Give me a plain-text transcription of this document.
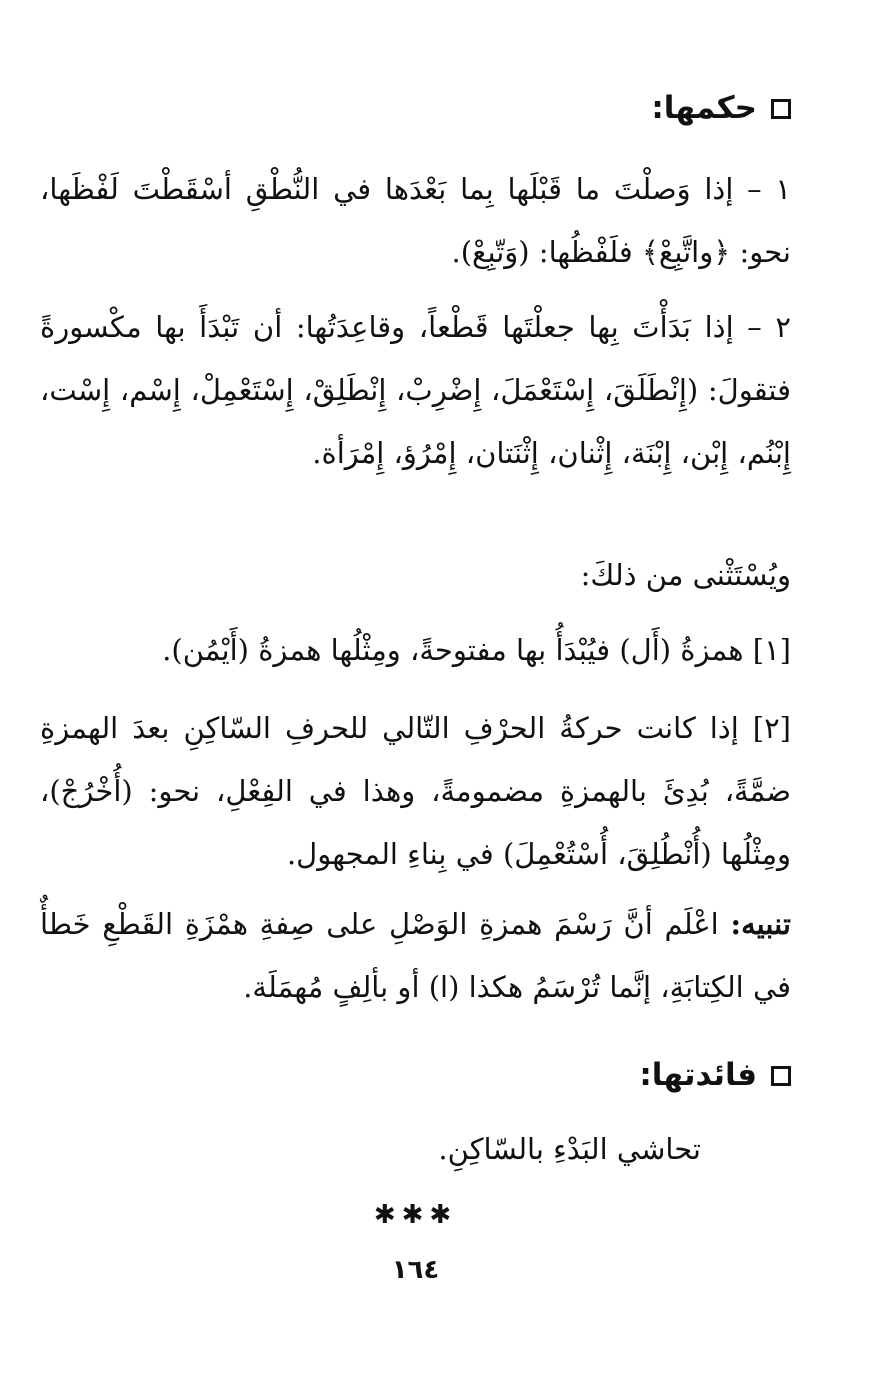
حكمها:

١ – إذا وَصلْتَ ما قَبْلَها بِما بَعْدَها في النُّطْقِ أسْقَطْتَ لَفْظَها، نحو: ﴿واتَّبِعْ﴾ فلَفْظُها: (وَتّبِعْ).

٢ – إذا بَدَأْتَ بِها جعلْتَها قَطْعاً، وقاعِدَتُها: أن تَبْدَأَ بها مكْسورةً فتقولَ: (إِنْطَلَقَ، إِسْتَعْمَلَ، إِضْرِبْ، إِنْطَلِقْ، إِسْتَعْمِلْ، إِسْم، إِسْت، إِبْنُم، إِبْن، إِبْنَة، إِثْنان، إِثْنَتان، إِمْرُؤ، إِمْرَأة.

ويُسْتَثْنى من ذلكَ:

[١] همزةُ (أَل) فيُبْدَأُ بها مفتوحةً، ومِثْلُها همزةُ (أَيْمُن).

[٢] إذا كانت حركةُ الحرْفِ التّالي للحرفِ السّاكِنِ بعدَ الهمزةِ ضمَّةً، بُدِئَ بالهمزةِ مضمومةً، وهذا في الفِعْلِ، نحو: (أُخْرُجْ)، ومِثْلُها (أُنْطُلِقَ، أُسْتُعْمِلَ) في بِناءِ المجهول.

تنبيه: اعْلَم أنَّ رَسْمَ همزةِ الوَصْلِ على صِفةِ همْزَةِ القَطْعِ خَطأٌ في الكِتابَةِ، إنَّما تُرْسَمُ هكذا (ا) أو بألِفٍ مُهمَلَة.

فائدتها:

تحاشي البَدْءِ بالسّاكِنِ.

✱✱✱
١٦٤
